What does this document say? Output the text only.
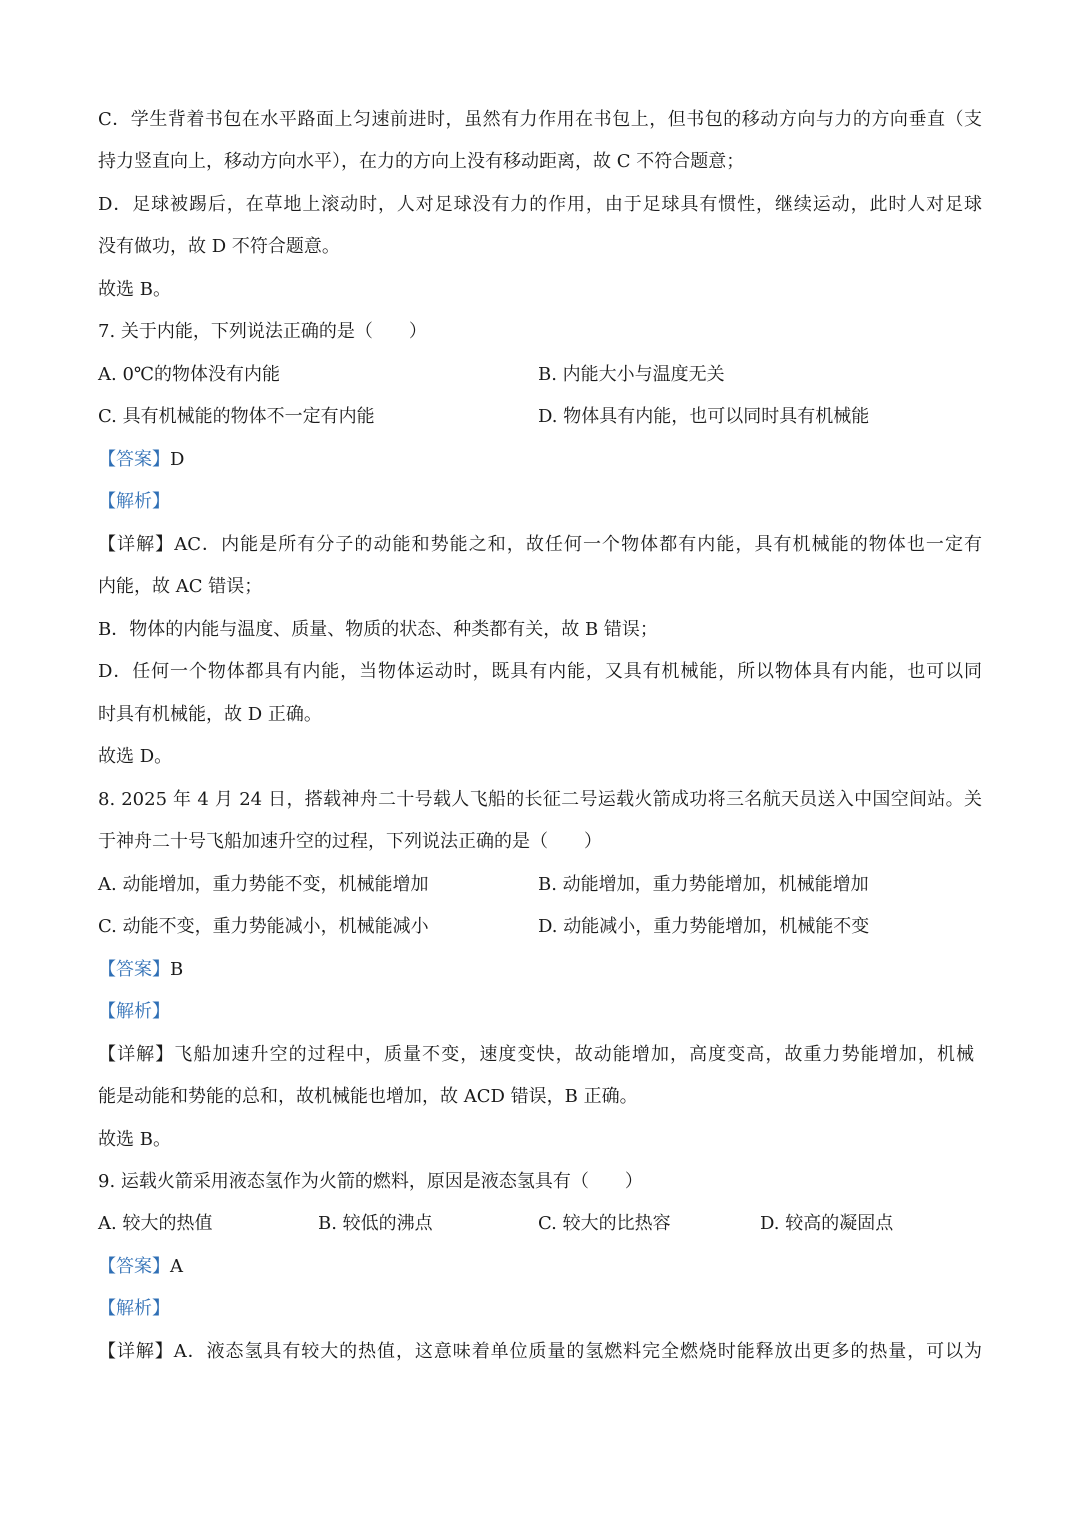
C．学生背着书包在水平路面上匀速前进时，虽然有力作用在书包上，但书包的移动方向与力的方向垂直（支
持力竖直向上，移动方向水平），在力的方向上没有移动距离，故 C 不符合题意；
D．足球被踢后，在草地上滚动时，人对足球没有力的作用，由于足球具有惯性，继续运动，此时人对足球
没有做功，故 D 不符合题意。
故选 B。
7. 关于内能，下列说法正确的是（　　）
A. 0℃的物体没有内能	B. 内能大小与温度无关
C. 具有机械能的物体不一定有内能	D. 物体具有内能，也可以同时具有机械能
【答案】D
【解析】
【详解】AC．内能是所有分子的动能和势能之和，故任何一个物体都有内能，具有机械能的物体也一定有
内能，故 AC 错误；
B．物体的内能与温度、质量、物质的状态、种类都有关，故 B 错误；
D．任何一个物体都具有内能，当物体运动时，既具有内能，又具有机械能，所以物体具有内能，也可以同
时具有机械能，故 D 正确。
故选 D。
8. 2025 年 4 月 24 日，搭载神舟二十号载人飞船的长征二号运载火箭成功将三名航天员送入中国空间站。关
于神舟二十号飞船加速升空的过程，下列说法正确的是（　　）
A. 动能增加，重力势能不变，机械能增加	B. 动能增加，重力势能增加，机械能增加
C. 动能不变，重力势能减小，机械能减小	D. 动能减小，重力势能增加，机械能不变
【答案】B
【解析】
【详解】飞船加速升空的过程中，质量不变，速度变快，故动能增加，高度变高，故重力势能增加，机械
能是动能和势能的总和，故机械能也增加，故 ACD 错误，B 正确。
故选 B。
9. 运载火箭采用液态氢作为火箭的燃料，原因是液态氢具有（　　）
A. 较大的热值	B. 较低的沸点	C. 较大的比热容	D. 较高的凝固点
【答案】A
【解析】
【详解】A．液态氢具有较大的热值，这意味着单位质量的氢燃料完全燃烧时能释放出更多的热量，可以为
